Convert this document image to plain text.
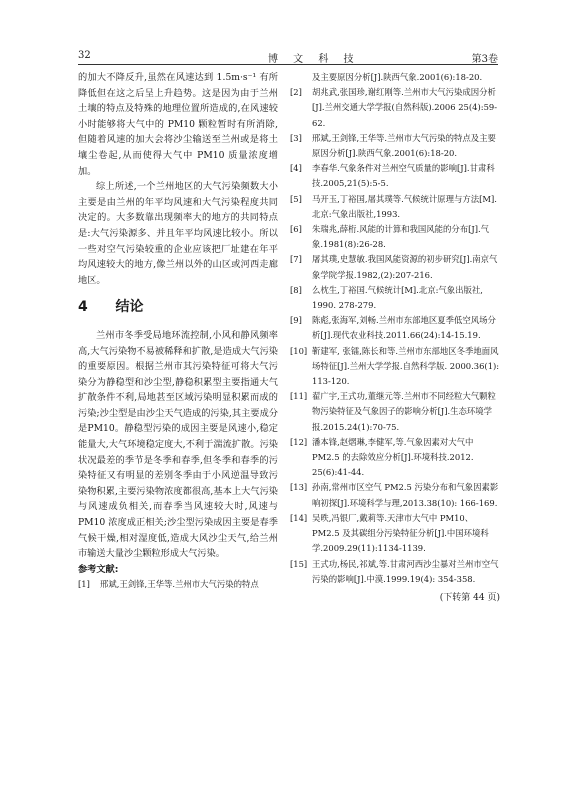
32	博 文 科 技	第3卷

的加大不降反升,虽然在风速达到 1.5m·s⁻¹ 有所降低但在这之后呈上升趋势。这是因为由于兰州土壤的特点及特殊的地理位置所造成的,在风速较小时能够将大气中的 PM10 颗粒暂时有所消除,但随着风速的加大会将沙尘输送至兰州或是将土壤尘卷起,从而使得大气中 PM10 质量浓度增加。

综上所述,一个兰州地区的大气污染频数大小主要是由兰州的年平均风速和大气污染程度共同决定的。大多数靠出现频率大的地方的共同特点是:大气污染源多、并且年平均风速比较小。所以一些对空气污染较重的企业应该把厂址建在年平均风速较大的地方,像兰州以外的山区或河西走廊地区。

4 结论

兰州市冬季受局地环流控制,小风和静风频率高,大气污染物不易被稀释和扩散,是造成大气污染的重要原因。根据兰州市其污染特征可将大气污染分为静稳型和沙尘型,静稳积累型主要指通大气扩散条件不利,局地甚至区域污染明显积累而成的污染;沙尘型是由沙尘天气造成的污染,其主要成分是PM10。静稳型污染的成因主要是风速小,稳定能量大,大气环境稳定度大,不利于湍流扩散。污染状况最差的季节是冬季和春季,但冬季和春季的污染特征又有明显的差别冬季由于小风逆温导致污染物积累,主要污染物浓度都很高,基本上大气污染与风速成负相关,而春季当风速较大时,风速与 PM10 浓度成正相关;沙尘型污染成因主要是春季气候干燥,相对湿度低,造成大风沙尘天气,给兰州市输送大量沙尘颗粒形成大气污染。

参考文献:
[1]	邢斌,王剑锋,王华等.兰州市大气污染的特点
及主要原因分析[J].陕西气象.2001(6):18-20.
[2]	胡兆武,张国珍,谢红刚等.兰州市大气污染成因分析[J].兰州交通大学学报(自然科版).2006 25(4):59-62.
[3]	邢斌,王剑锋,王华等.兰州市大气污染的特点及主要原因分析[J].陕西气象.2001(6):18-20.
[4]	李春华.气象条件对兰州空气质量的影响[J].甘肃科技.2005,21(5):5-5.
[5]	马开玉,丁裕国,屠其璞等.气候统计原理与方法[M].北京:气象出版社,1993.
[6]	朱瑞兆,薛桁.风能的计算和我国风能的分布[J].气象.1981(8):26-28.
[7]	屠其璞,史慧敏.我国风能资源的初步研究[J].南京气象学院学报.1982,(2):207-216.
[8]	么枕生,丁裕国.气候统计[M].北京:气象出版社, 1990. 278-279.
[9]	陈彪,张海军,刘畅.兰州市东部地区夏季低空风场分析[J].现代农业科技.2011.66(24):14-15.19.
[10] 靳建军, 张镭,陈长和等.兰州市东部地区冬季地面风场特征[J].兰州大学学报.自然科学版. 2000.36(1): 113-120.
[11] 翟广宇,王式功,董继元等.兰州市不同经粒大气颗粒物污染特征及气象因子的影响分析[J].生态环境学报.2015.24(1):70-75.
[12] 潘本锋,赵熠琳,李健军,等.气象因素对大气中 PM2.5 的去除效应分析[J].环境科技.2012. 25(6):41-44.
[13] 孙南,常州市区空气 PM2.5 污染分布和气象因素影响初探[J].环境科学与理,2013.38(10): 166-169.
[14] 吴昳,冯银厂,戴莉等.天津市大气中 PM10、PM2.5 及其碳组分污染特征分析[J].中国环境科学.2009.29(11):1134-1139.
[15] 王式功,杨民,祁斌,等.甘肃河西沙尘暴对兰州市空气污染的影响[J].中漠.1999.19(4): 354-358.
(下转第 44 页)
